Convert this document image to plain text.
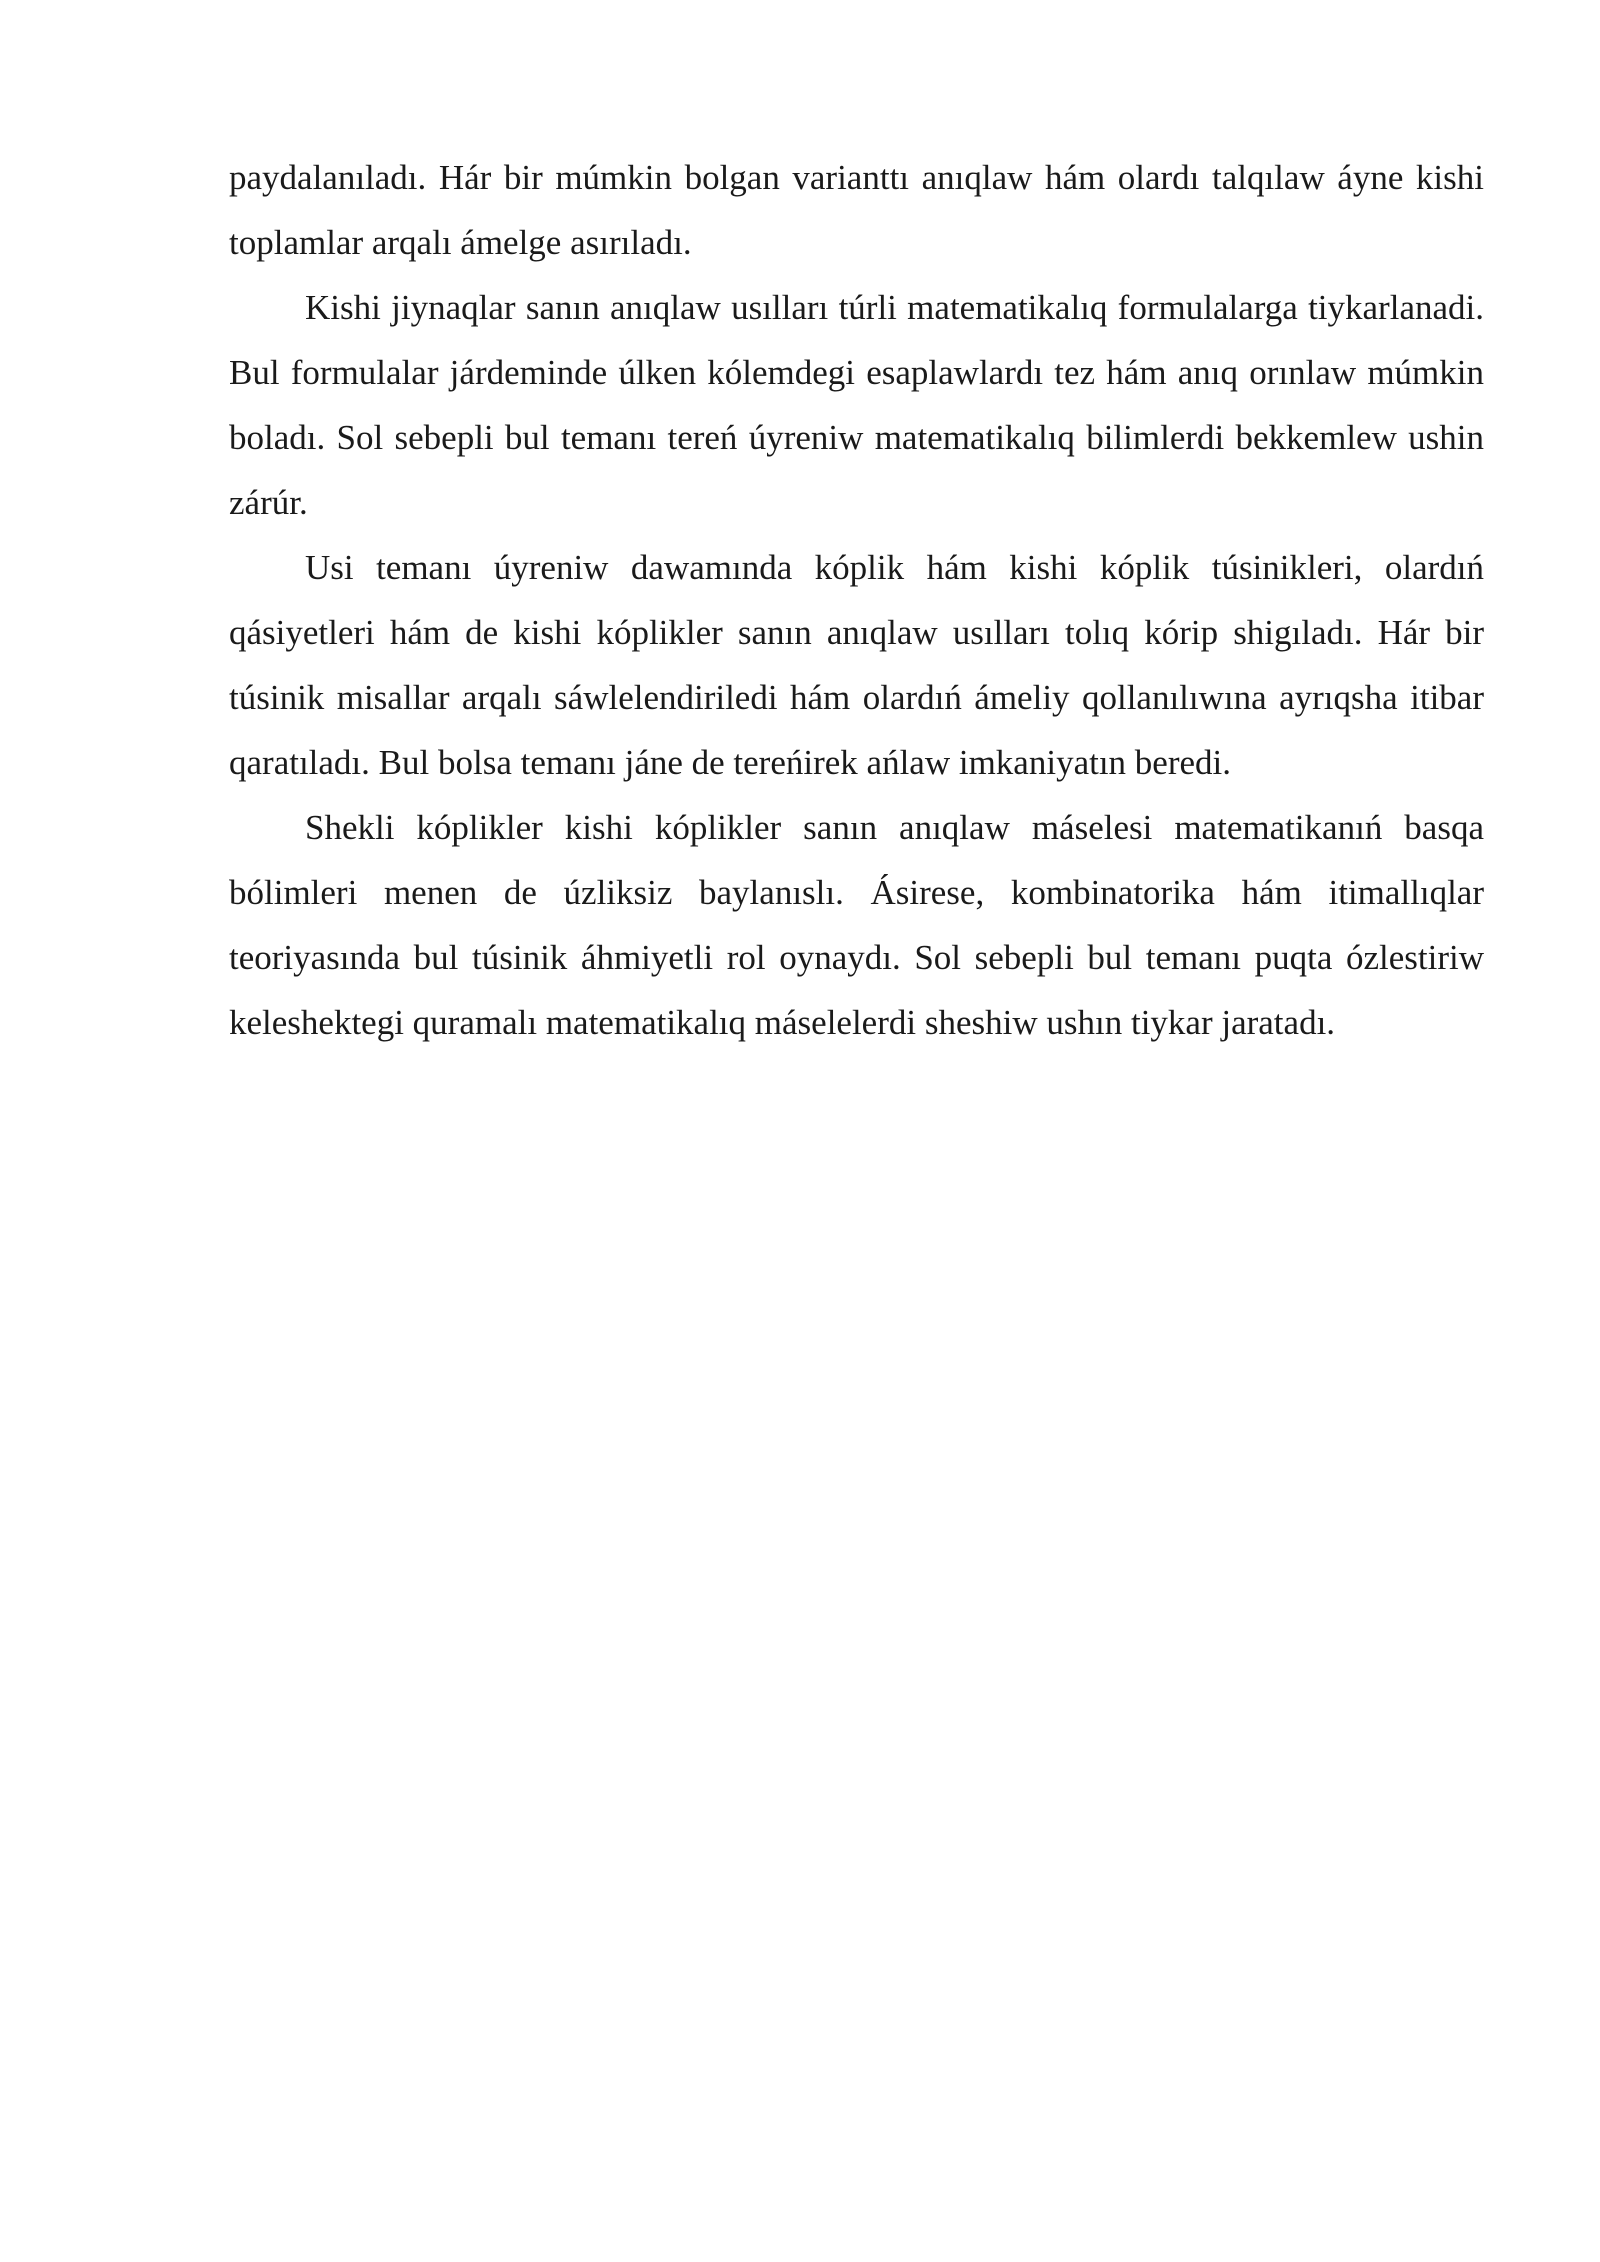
paydalanıladı. Hár bir múmkin bolgan varianttı anıqlaw hám olardı talqılaw áyne kishi toplamlar arqalı ámelge asırıladı.

Kishi jiynaqlar sanın anıqlaw usılları túrli matematikalıq formulalarga tiykarlanadi. Bul formulalar járdeminde úlken kólemdegi esaplawlardı tez hám anıq orınlaw múmkin boladı. Sol sebepli bul temanı tereń úyreniw matematikalıq bilimlerdi bekkemlew ushin zárúr.

Usi temanı úyreniw dawamında kóplik hám kishi kóplik túsinikleri, olardıń qásiyetleri hám de kishi kóplikler sanın anıqlaw usılları tolıq kórip shigıladı. Hár bir túsinik misallar arqalı sáwlelendiriledi hám olardıń ámeliy qollanılıwına ayrıqsha itibar qaratıladı. Bul bolsa temanı jáne de tereńirek ańlaw imkaniyatın beredi.

Shekli kóplikler kishi kóplikler sanın anıqlaw máselesi matematikanıń basqa bólimleri menen de úzliksiz baylanıslı. Ásirese, kombinatorika hám itimallıqlar teoriyasında bul túsinik áhmiyetli rol oynaydı. Sol sebepli bul temanı puqta ózlestiriw keleshektegi quramalı matematikalıq máselelerdi sheshiw ushın tiykar jaratadı.
